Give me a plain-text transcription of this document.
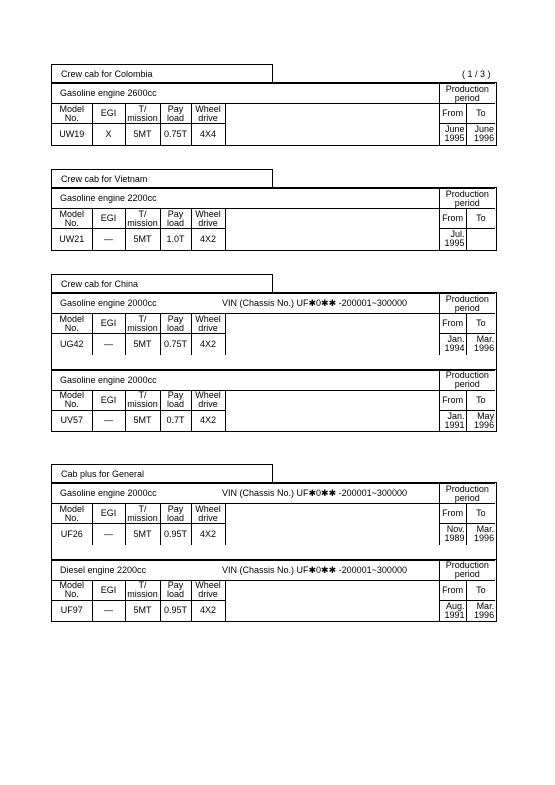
( 1 / 3 )
Crew cab for Colombia
Gasoline engine 2600cc						Production period	
Model No.	EGI	T/ mission	Pay load	Wheel drive		From	To
UW19	X	5MT	0.75T	4X4		June 1995	June 1996
Crew cab for Vietnam
Gasoline engine 2200cc						Production period	
Model No.	EGI	T/ mission	Pay load	Wheel drive		From	To
UW21	—	5MT	1.0T	4X2		Jul. 1995	
Crew cab for China
Gasoline engine 2000cc VIN (Chassis No.) UF✱0✱✱ -200001~300000						Production period	
Model No.	EGI	T/ mission	Pay load	Wheel drive		From	To
UG42	—	5MT	0.75T	4X2		Jan. 1994	Mar. 1996
Gasoline engine 2000cc						Production period	
Model No.	EGI	T/ mission	Pay load	Wheel drive		From	To
UV57	—	5MT	0.7T	4X2		Jan. 1991	May 1996
Cab plus for General
Gasoline engine 2000cc VIN (Chassis No.) UF✱0✱✱ -200001~300000						Production period	
Model No.	EGI	T/ mission	Pay load	Wheel drive		From	To
UF26	—	5MT	0.95T	4X2		Nov. 1989	Mar. 1996
Diesel engine 2200cc VIN (Chassis No.) UF✱0✱✱ -200001~300000						Production period	
Model No.	EGI	T/ mission	Pay load	Wheel drive		From	To
UF97	—	5MT	0.95T	4X2		Aug. 1991	Mar. 1996
